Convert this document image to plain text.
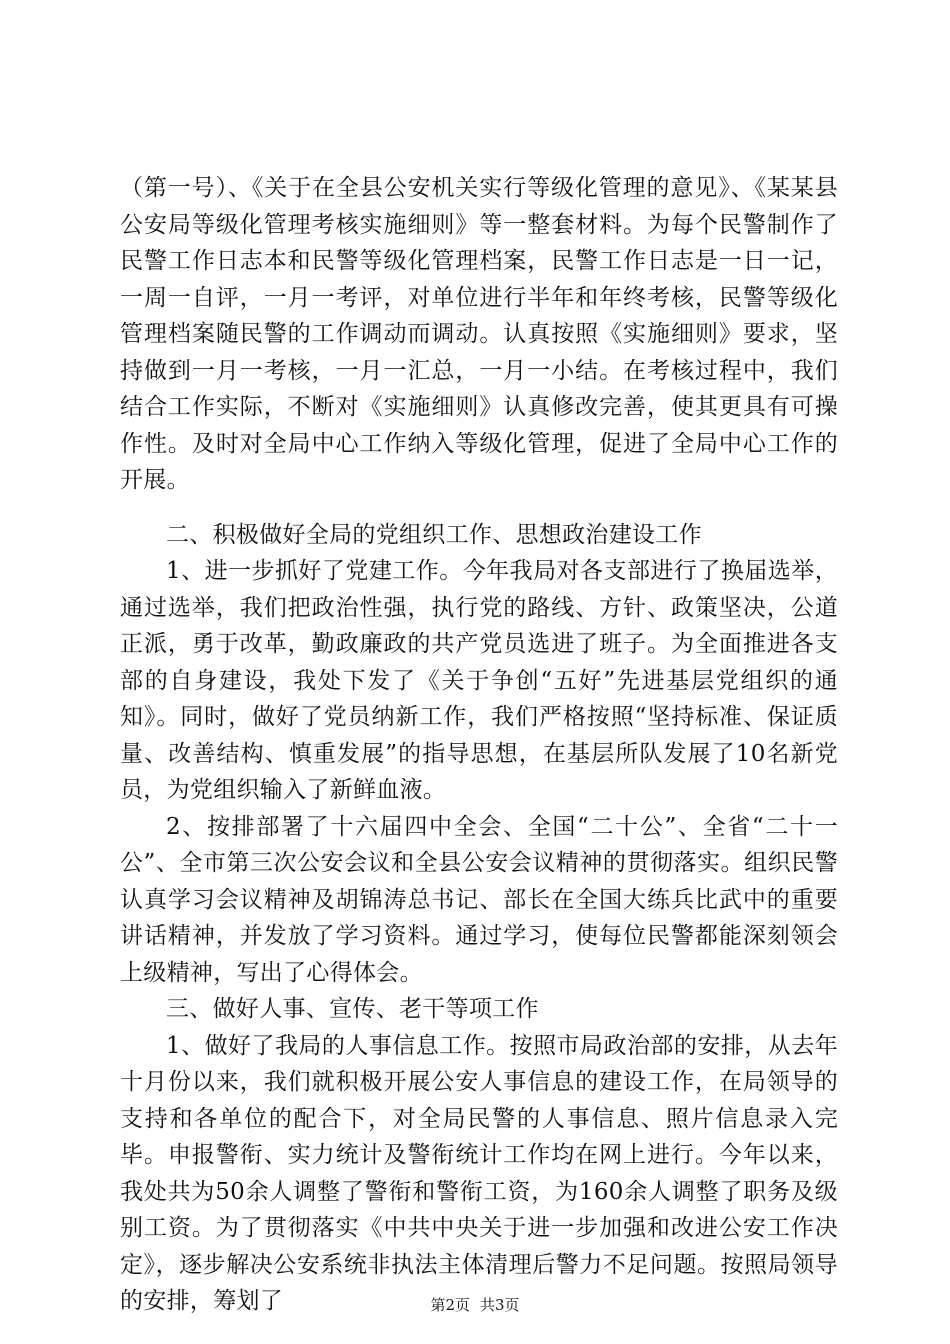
（第一号）、《关于在全县公安机关实行等级化管理的意见》、《某某县公安局等级化管理考核实施细则》等一整套材料。为每个民警制作了民警工作日志本和民警等级化管理档案，民警工作日志是一日一记，一周一自评，一月一考评，对单位进行半年和年终考核，民警等级化管理档案随民警的工作调动而调动。认真按照《实施细则》要求，坚持做到一月一考核，一月一汇总，一月一小结。在考核过程中，我们结合工作实际，不断对《实施细则》认真修改完善，使其更具有可操作性。及时对全局中心工作纳入等级化管理，促进了全局中心工作的开展。

二、积极做好全局的党组织工作、思想政治建设工作

1、进一步抓好了党建工作。今年我局对各支部进行了换届选举，通过选举，我们把政治性强，执行党的路线、方针、政策坚决，公道正派，勇于改革，勤政廉政的共产党员选进了班子。为全面推进各支部的自身建设，我处下发了《关于争创“五好”先进基层党组织的通知》。同时，做好了党员纳新工作，我们严格按照“坚持标准、保证质量、改善结构、慎重发展”的指导思想，在基层所队发展了10名新党员，为党组织输入了新鲜血液。

2、按排部署了十六届四中全会、全国“二十公”、全省“二十一公”、全市第三次公安会议和全县公安会议精神的贯彻落实。组织民警认真学习会议精神及胡锦涛总书记、部长在全国大练兵比武中的重要讲话精神，并发放了学习资料。通过学习，使每位民警都能深刻领会上级精神，写出了心得体会。

三、做好人事、宣传、老干等项工作

1、做好了我局的人事信息工作。按照市局政治部的安排，从去年十月份以来，我们就积极开展公安人事信息的建设工作，在局领导的支持和各单位的配合下，对全局民警的人事信息、照片信息录入完毕。申报警衔、实力统计及警衔统计工作均在网上进行。今年以来，我处共为50余人调整了警衔和警衔工资，为160余人调整了职务及级别工资。为了贯彻落实《中共中央关于进一步加强和改进公安工作决定》，逐步解决公安系统非执法主体清理后警力不足问题。按照局领导的安排，筹划了	第2页 共3页
